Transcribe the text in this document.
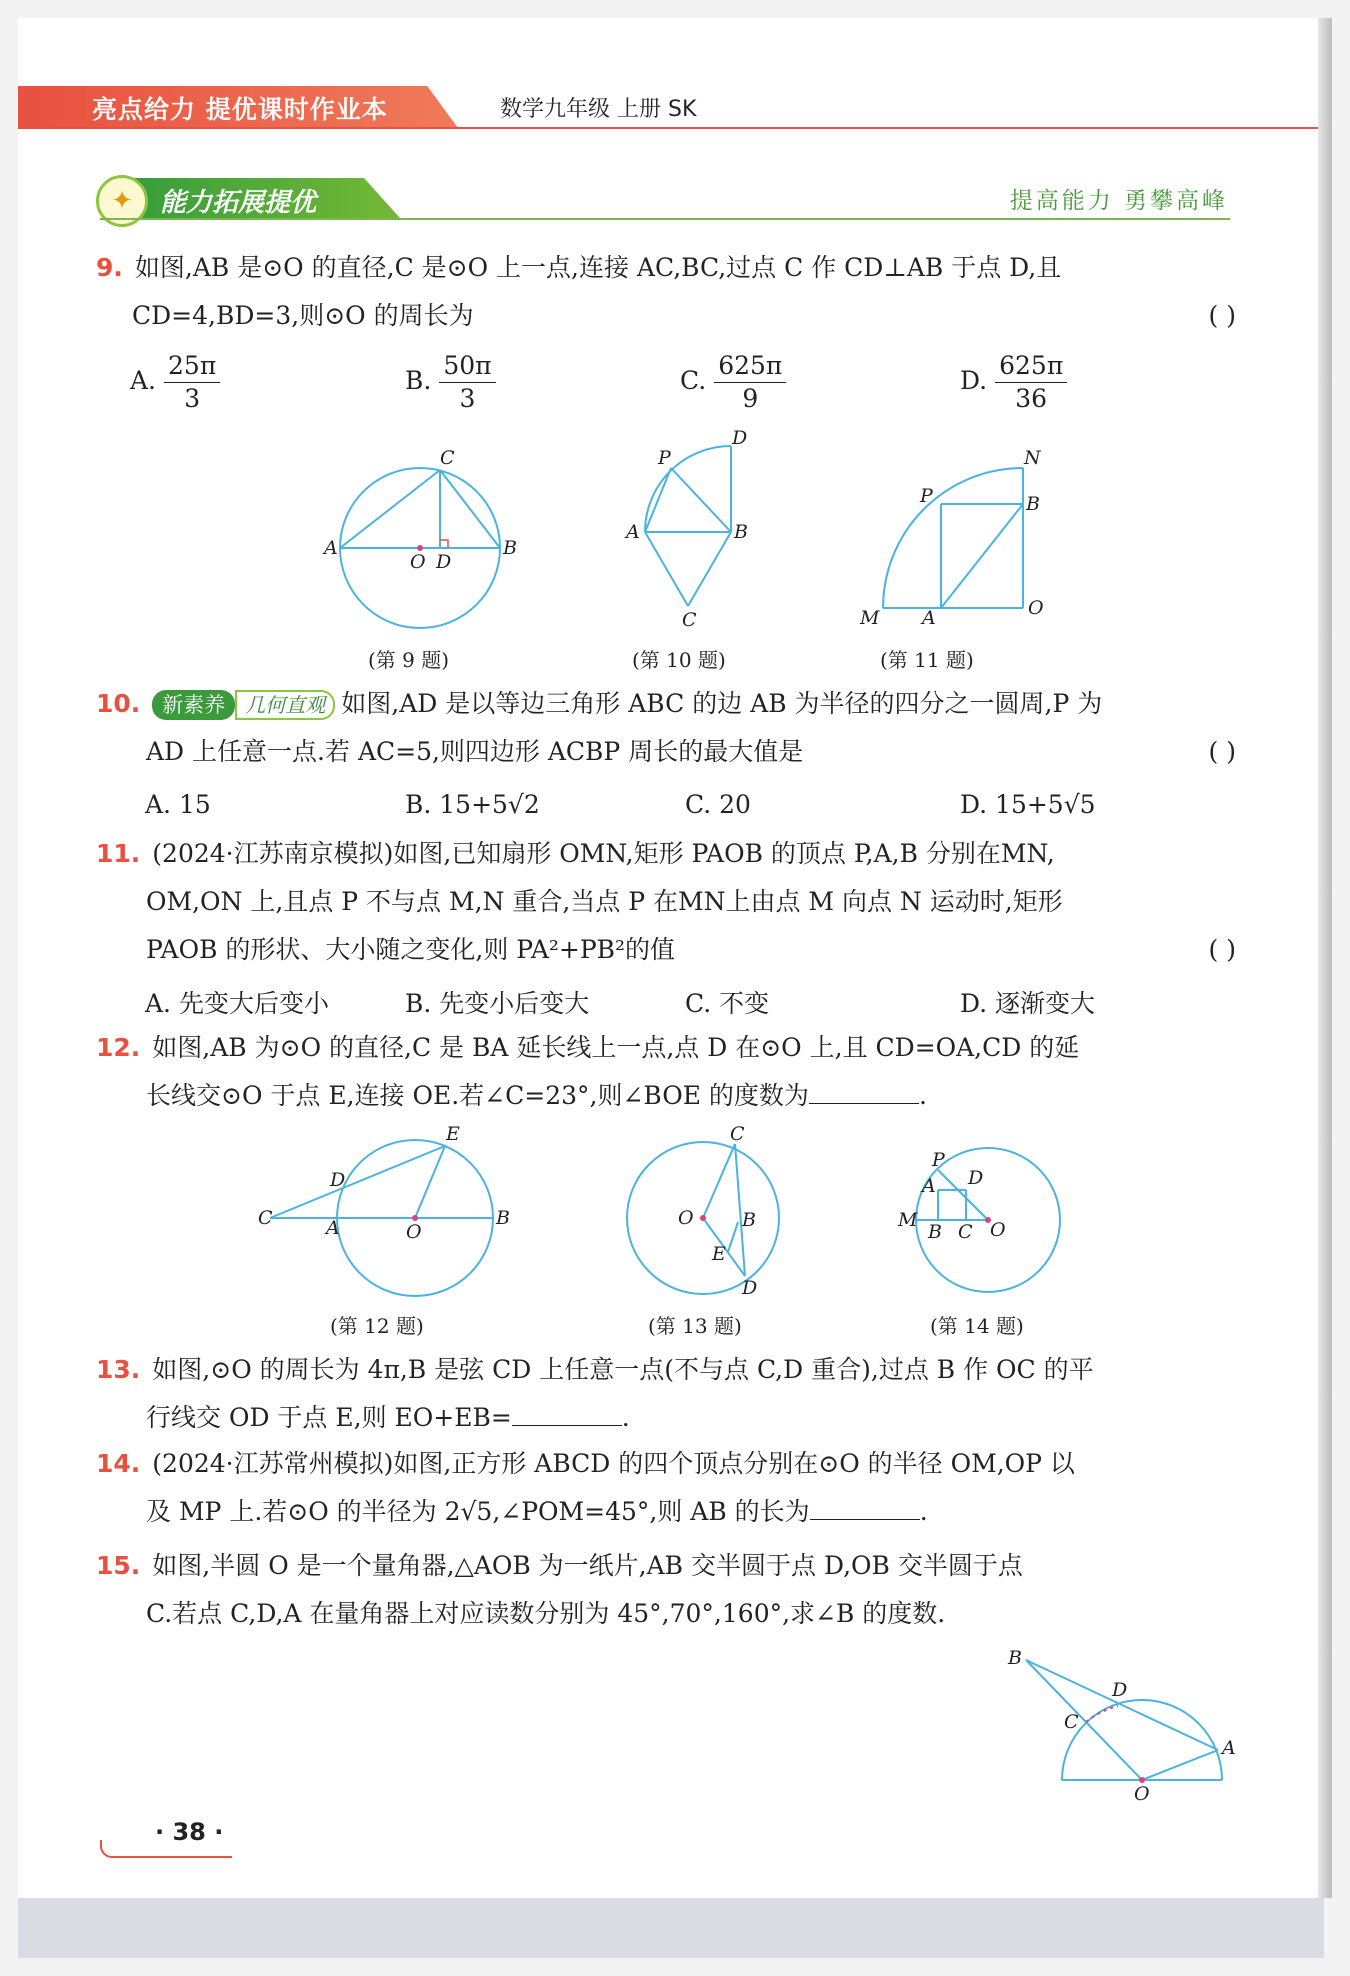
亮点给力 提优课时作业本	数学九年级 上册 SK
✦	能力拓展提优	提高能力 勇攀高峰
9. 如图,AB 是⊙O 的直径,C 是⊙O 上一点,连接 AC,BC,过点 C 作 CD⊥AB 于点 D,且
CD=4,BD=3,则⊙O 的周长为	( )
A. $\frac{25\pi}{3}$	B. $\frac{50\pi}{3}$	C. $\frac{625\pi}{9}$	D. $\frac{625\pi}{36}$
C
A	B
O D
P
D
A	B
C
N
P	B
M A	O
(第 9 题)	(第 10 题)	(第 11 题)
10. 新素养 几何直观 如图,AD 是以等边三角形 ABC 的边 AB 为半径的四分之一圆周,P 为
AD 上任意一点.若 AC=5,则四边形 ACBP 周长的最大值是	( )
A. 15	B. 15+5√2	C. 20	D. 15+5√5
11. (2024·江苏南京模拟)如图,已知扇形 OMN,矩形 PAOB 的顶点 P,A,B 分别在MN,
OM,ON 上,且点 P 不与点 M,N 重合,当点 P 在MN上由点 M 向点 N 运动时,矩形
PAOB 的形状、大小随之变化,则 PA²+PB²的值	( )
A. 先变大后变小	B. 先变小后变大	C. 不变	D. 逐渐变大
12. 如图,AB 为⊙O 的直径,C 是 BA 延长线上一点,点 D 在⊙O 上,且 CD=OA,CD 的延
长线交⊙O 于点 E,连接 OE.若∠C=23°,则∠BOE 的度数为	.
E
D
C	A	O
B
C
O	B
E
D
P
A D
M
B C O
(第 12 题)	(第 13 题)	(第 14 题)
13. 如图,⊙O 的周长为 4π,B 是弦 CD 上任意一点(不与点 C,D 重合),过点 B 作 OC 的平
行线交 OD 于点 E,则 EO+EB=	.
14. (2024·江苏常州模拟)如图,正方形 ABCD 的四个顶点分别在⊙O 的半径 OM,OP 以
及 MP 上.若⊙O 的半径为 2√5,∠POM=45°,则 AB 的长为	.
15. 如图,半圆 O 是一个量角器,△AOB 为一纸片,AB 交半圆于点 D,OB 交半圆于点
C.若点 C,D,A 在量角器上对应读数分别为 45°,70°,160°,求∠B 的度数.
B
D
C
A
O
· 38 ·
